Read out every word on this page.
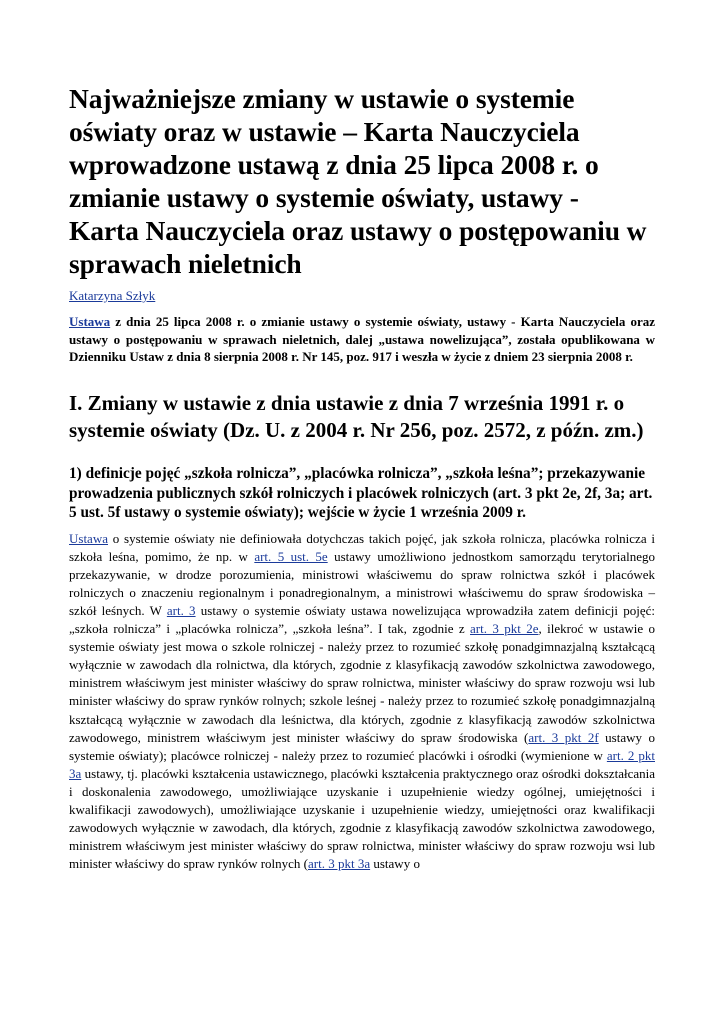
Najważniejsze zmiany w ustawie o systemie oświaty oraz w ustawie – Karta Nauczyciela wprowadzone ustawą z dnia 25 lipca 2008 r. o zmianie ustawy o systemie oświaty, ustawy - Karta Nauczyciela oraz ustawy o postępowaniu w sprawach nieletnich
Katarzyna Szłyk

Ustawa z dnia 25 lipca 2008 r. o zmianie ustawy o systemie oświaty, ustawy - Karta Nauczyciela oraz ustawy o postępowaniu w sprawach nieletnich, dalej „ustawa nowelizująca”, została opublikowana w Dzienniku Ustaw z dnia 8 sierpnia 2008 r. Nr 145, poz. 917 i weszła w życie z dniem 23 sierpnia 2008 r.

I. Zmiany w ustawie z dnia ustawie z dnia 7 września 1991 r. o systemie oświaty (Dz. U. z 2004 r. Nr 256, poz. 2572, z późn. zm.)
1) definicje pojęć „szkoła rolnicza”, „placówka rolnicza”, „szkoła leśna”; przekazywanie prowadzenia publicznych szkół rolniczych i placówek rolniczych (art. 3 pkt 2e, 2f, 3a; art. 5 ust. 5f ustawy o systemie oświaty); wejście w życie 1 września 2009 r.

Ustawa o systemie oświaty nie definiowała dotychczas takich pojęć, jak szkoła rolnicza, placówka rolnicza i szkoła leśna, pomimo, że np. w art. 5 ust. 5e ustawy umożliwiono jednostkom samorządu terytorialnego przekazywanie, w drodze porozumienia, ministrowi właściwemu do spraw rolnictwa szkół i placówek rolniczych o znaczeniu regionalnym i ponadregionalnym, a ministrowi właściwemu do spraw środowiska – szkół leśnych. W art. 3 ustawy o systemie oświaty ustawa nowelizująca wprowadziła zatem definicji pojęć: „szkoła rolnicza” i „placówka rolnicza”, „szkoła leśna”. I tak, zgodnie z art. 3 pkt 2e, ilekroć w ustawie o systemie oświaty jest mowa o szkole rolniczej - należy przez to rozumieć szkołę ponadgimnazjalną kształcącą wyłącznie w zawodach dla rolnictwa, dla których, zgodnie z klasyfikacją zawodów szkolnictwa zawodowego, ministrem właściwym jest minister właściwy do spraw rolnictwa, minister właściwy do spraw rozwoju wsi lub minister właściwy do spraw rynków rolnych; szkole leśnej - należy przez to rozumieć szkołę ponadgimnazjalną kształcącą wyłącznie w zawodach dla leśnictwa, dla których, zgodnie z klasyfikacją zawodów szkolnictwa zawodowego, ministrem właściwym jest minister właściwy do spraw środowiska (art. 3 pkt 2f ustawy o systemie oświaty); placówce rolniczej - należy przez to rozumieć placówki i ośrodki (wymienione w art. 2 pkt 3a ustawy, tj. placówki kształcenia ustawicznego, placówki kształcenia praktycznego oraz ośrodki dokształcania i doskonalenia zawodowego, umożliwiające uzyskanie i uzupełnienie wiedzy ogólnej, umiejętności i kwalifikacji zawodowych), umożliwiające uzyskanie i uzupełnienie wiedzy, umiejętności oraz kwalifikacji zawodowych wyłącznie w zawodach, dla których, zgodnie z klasyfikacją zawodów szkolnictwa zawodowego, ministrem właściwym jest minister właściwy do spraw rolnictwa, minister właściwy do spraw rozwoju wsi lub minister właściwy do spraw rynków rolnych (art. 3 pkt 3a ustawy o
